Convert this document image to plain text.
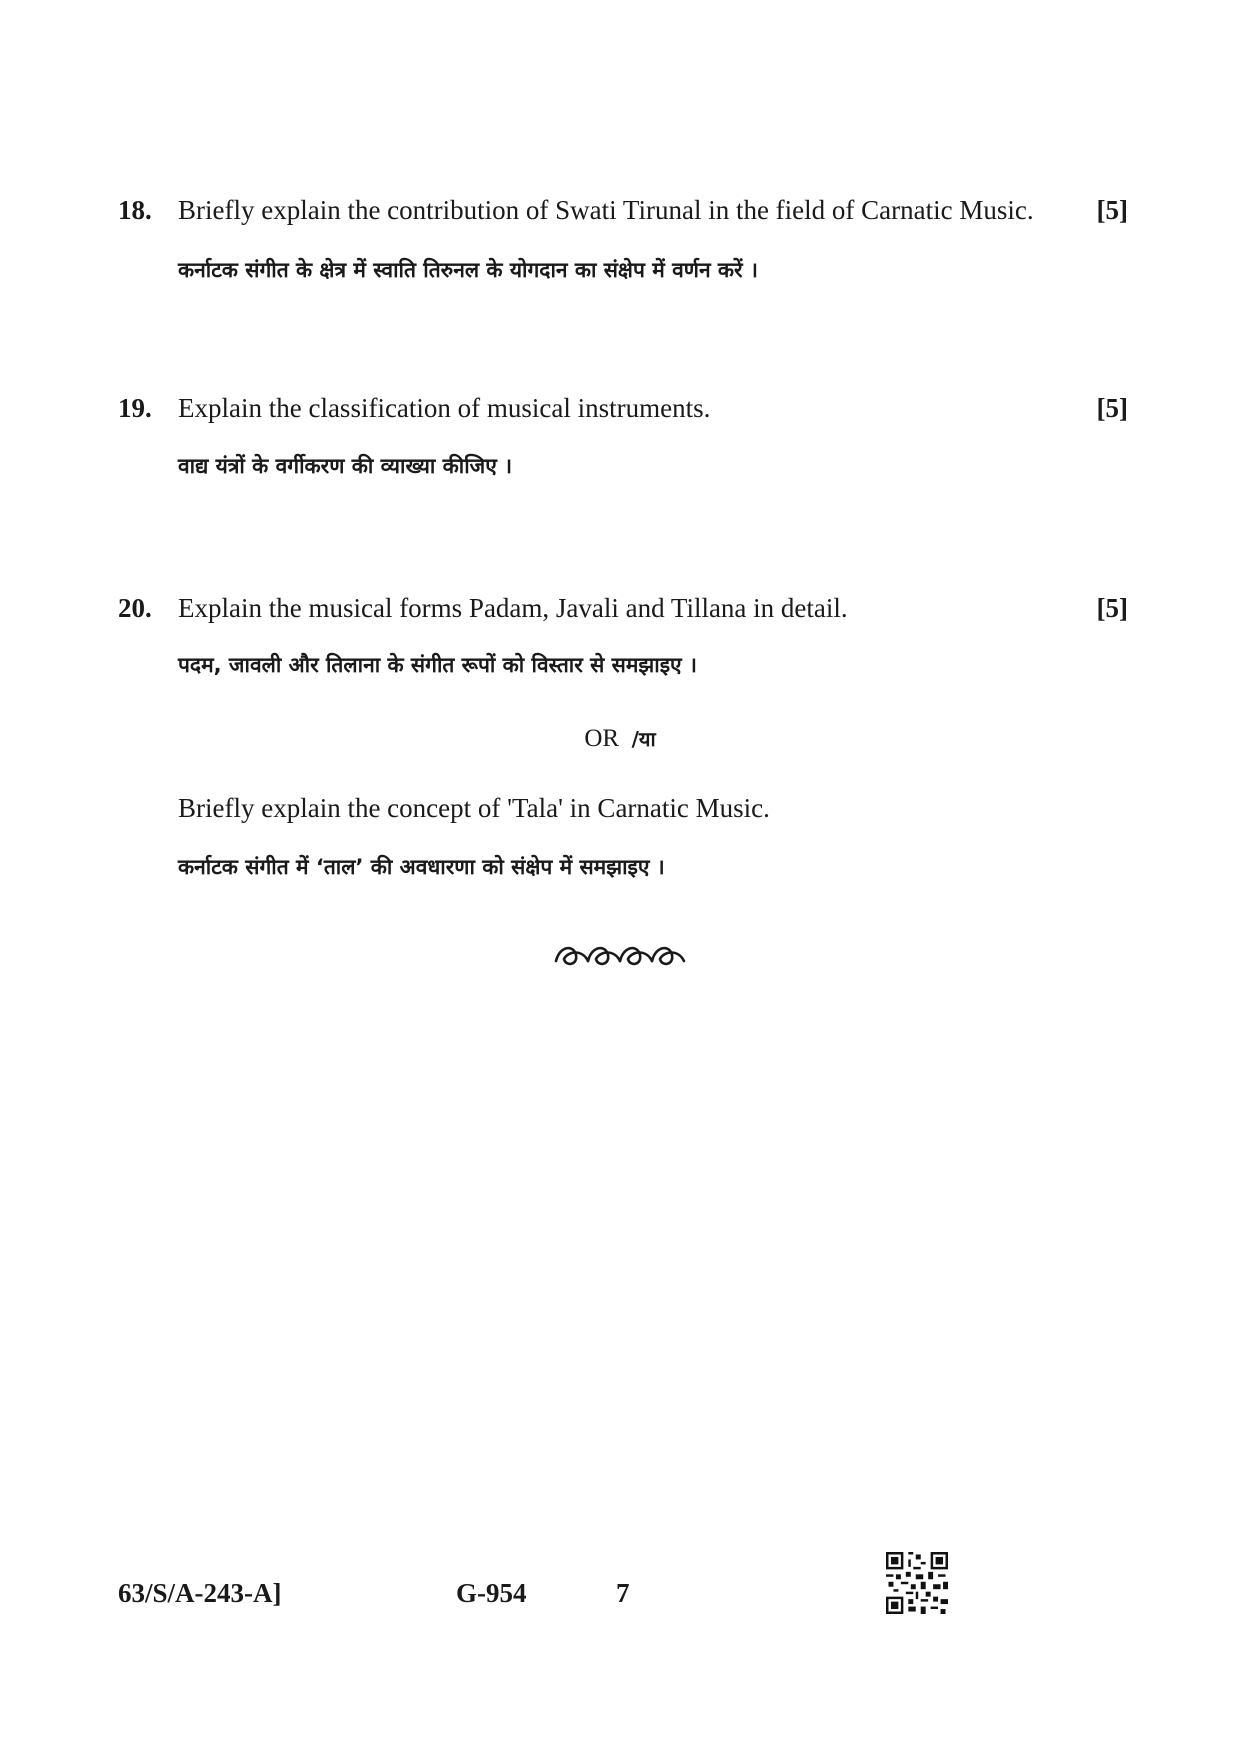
18. Briefly explain the contribution of Swati Tirunal in the field of Carnatic Music. [5]
कर्नाटक संगीत के क्षेत्र में स्वाति तिरुनल के योगदान का संक्षेप में वर्णन करें ।
19. Explain the classification of musical instruments.	[5]
वाद्य यंत्रों के वर्गीकरण की व्याख्या कीजिए ।
20. Explain the musical forms Padam, Javali and Tillana in detail.	[5]
पदम, जावली और तिलाना के संगीत रूपों को विस्तार से समझाइए ।
OR /या
Briefly explain the concept of 'Tala' in Carnatic Music.
कर्नाटक संगीत में ‘ताल’ की अवधारणा को संक्षेप में समझाइए ।
63/S/A-243-A]	G-954	7
